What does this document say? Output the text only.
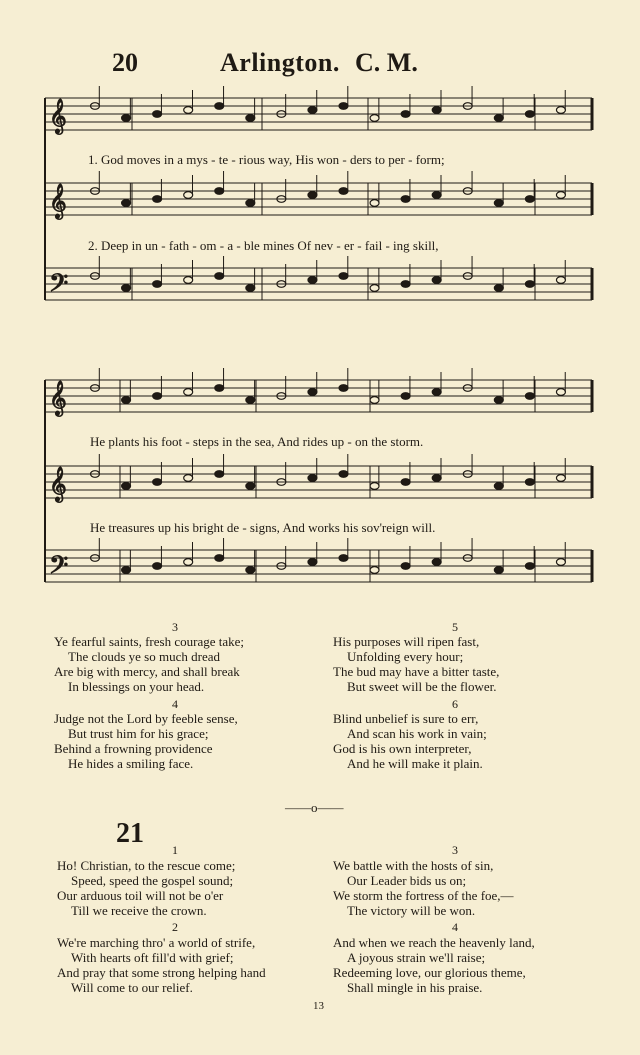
20	Arlington. C. M.
𝄞
𝄞
𝄢
𝄞
𝄞
𝄢
1. God moves in a mys - te - rious way, His won - ders to per - form;
2. Deep in un - fath - om - a - ble mines Of nev - er - fail - ing skill,
He plants his foot - steps in the sea, And rides up - on the storm.
He treasures up his bright de - signs, And works his sov'reign will.
3
Ye fearful saints, fresh courage take;
The clouds ye so much dread
Are big with mercy, and shall break
In blessings on your head.
4
Judge not the Lord by feeble sense,
But trust him for his grace;
Behind a frowning providence
He hides a smiling face.
5
His purposes will ripen fast,
Unfolding every hour;
The bud may have a bitter taste,
But sweet will be the flower.
6
Blind unbelief is sure to err,
And scan his work in vain;
God is his own interpreter,
And he will make it plain.
——o——
21
1
Ho! Christian, to the rescue come;
Speed, speed the gospel sound;
Our arduous toil will not be o'er
Till we receive the crown.
2
We're marching thro' a world of strife,
With hearts oft fill'd with grief;
And pray that some strong helping hand
Will come to our relief.
3
We battle with the hosts of sin,
Our Leader bids us on;
We storm the fortress of the foe,—
The victory will be won.
4
And when we reach the heavenly land,
A joyous strain we'll raise;
Redeeming love, our glorious theme,
Shall mingle in his praise.
13
